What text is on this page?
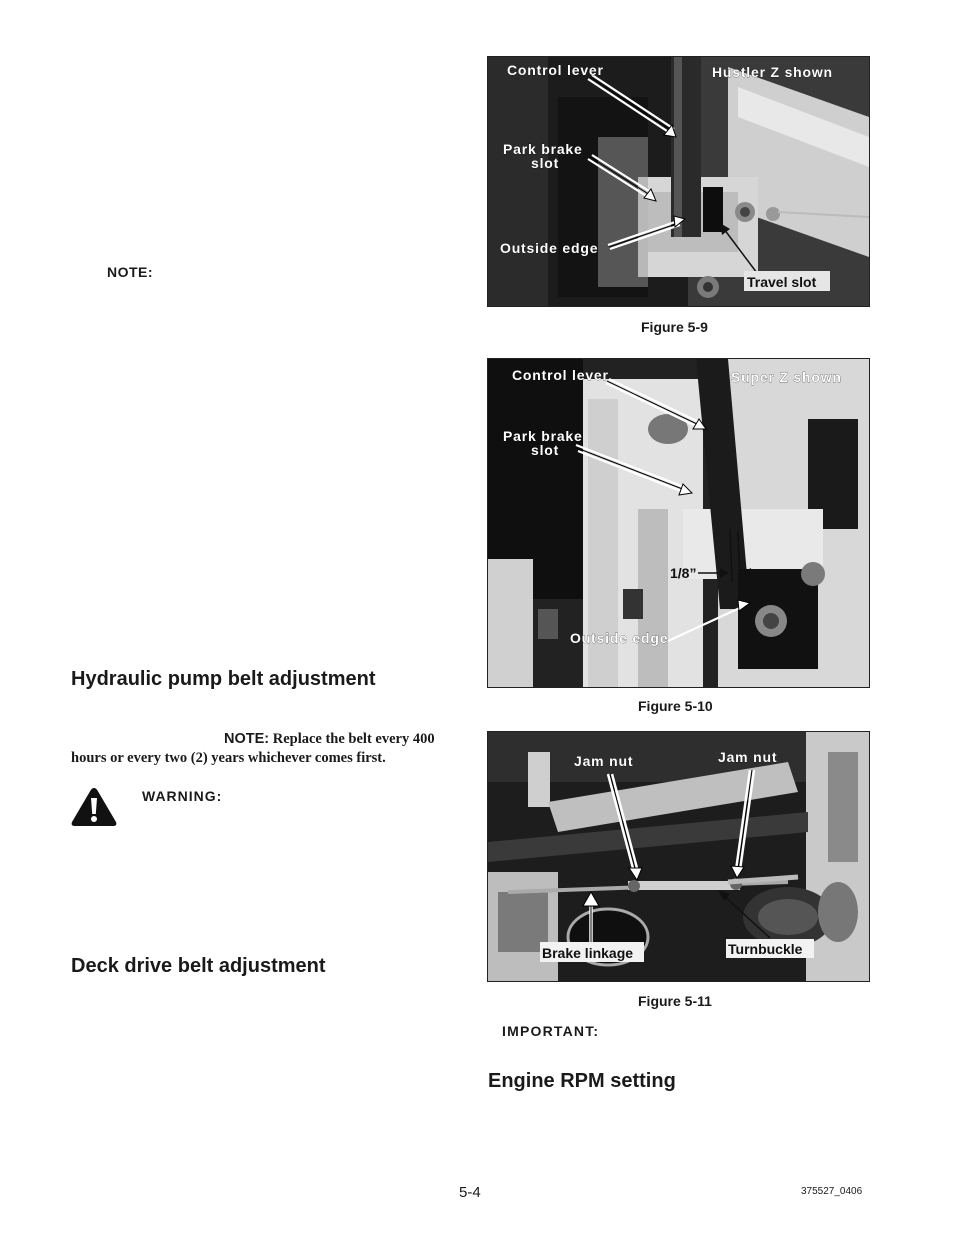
NOTE:
Hydraulic pump belt adjustment
NOTE: Replace the belt every 400
hours or every two (2) years whichever comes first.
WARNING:
Deck drive belt adjustment
Control lever	Hustler Z shown
Park brake
slot
Outside edge
Travel slot
Figure 5-9
Control lever	Super Z shown
Park brake
slot
1/8”
Outside edge
Figure 5-10
Jam nut	Jam nut
Brake linkage	Turnbuckle
Figure 5-11
IMPORTANT:
Engine RPM setting
5-4	375527_0406
